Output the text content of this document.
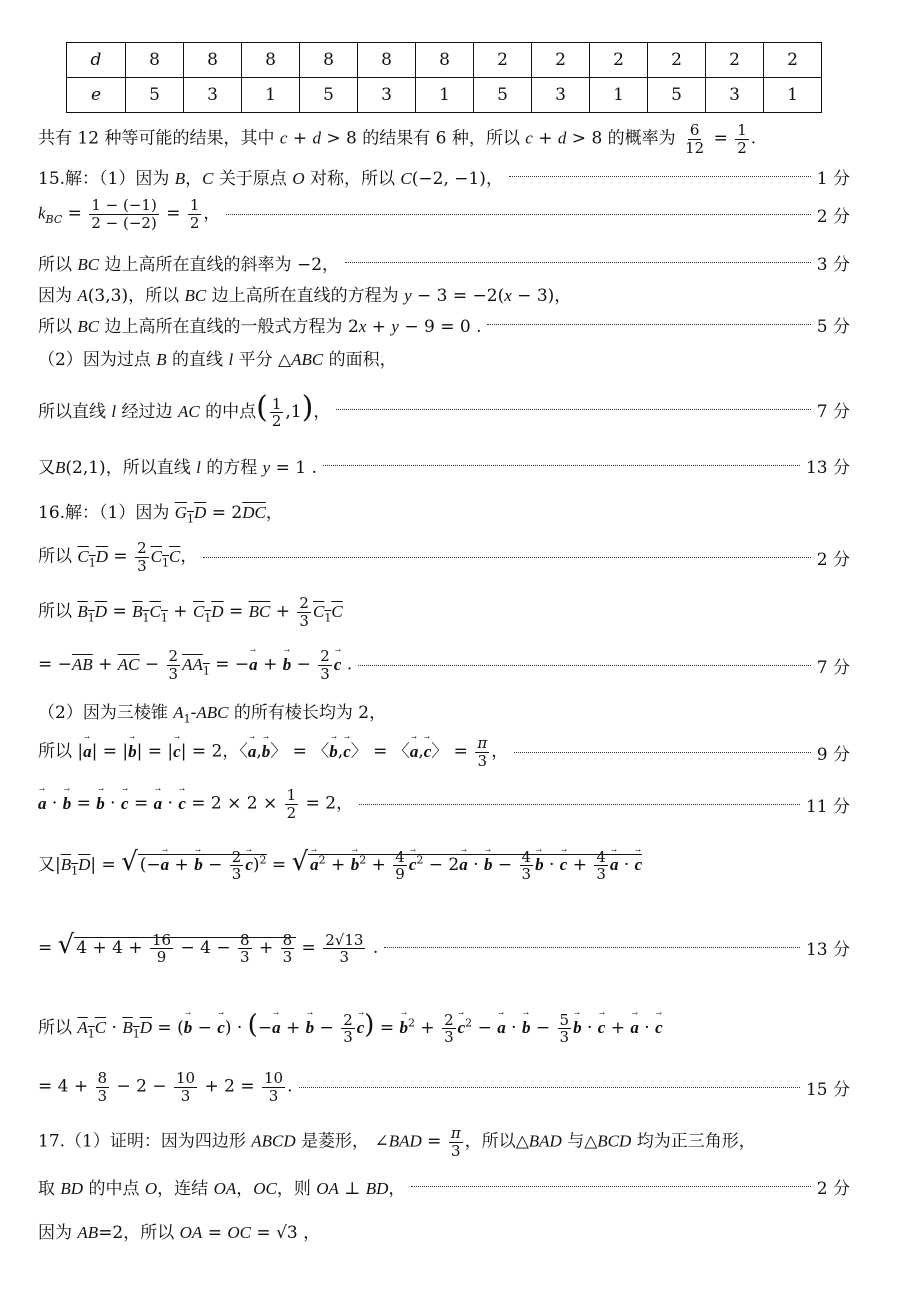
d	8	8	8	8	8	8	2	2	2	2	2	2
e	5	3	1	5	3	1	5	3	1	5	3	1
共有 12 种等可能的结果，其中 c + d > 8 的结果有 6 种，所以 c + d > 8 的概率为 $\frac{6}{12} = \frac{1}{2}$ .
15.解：（1）因为 B，C 关于原点 O 对称，所以 C(−2, −1)，	1 分
$k_{BC} = \frac{1 - (-1)}{2 - (-2)} = \frac{1}{2}$ ，	2 分
所以 BC 边上高所在直线的斜率为 −2，	3 分
因为 A(3,3)，所以 BC 边上高所在直线的方程为 y − 3 = −2(x − 3)，
所以 BC 边上高所在直线的一般式方程为 2x + y − 9 = 0 .	5 分
（2）因为过点 B 的直线 l 平分 △ABC 的面积，
所以直线 l 经过边 AC 的中点( $\frac{1}{2} ,1$)，	7 分
又B(2,1)，所以直线 l 的方程 y = 1 .	13 分
16.解：（1）因为 $G_1D = 2\overline{DC}$，
所以 $C_1D = \frac{2}{3} C_1C$，	2 分
所以 $B_1D = B_1C_1 + C_1D = \overline{BC} + \frac{2}{3} C_1C$
= $-\overline{AB} + \overline{AC} - \frac{2}{3} AA_1$ = −→ a + → $b - \frac{2}{3} \to c$ .	7 分
（2）因为三棱锥 $A_1$-ABC 的所有棱长均为 2，
所以 |→ a| = |→ b| = |→ c| = 2，〈→ a,→ b〉 = 〈→ b,→ c〉 = 〈→ a,→ c〉 = $\frac{\pi}{3}$ ，	9 分
→ a · → b = → b · → c = → a · → $c = 2 \times 2 \times \frac{1}{2} = 2$，	11 分
又$|B_1D|$ = √ (−→ a + → $b - \frac{2}{3} \to c)^2$ = √ → $a^2$ + → $b^2 + \frac{4}{9} \to c^2 - 2\to a$ · → $b - \frac{4}{3} \to b$ · → $c + \frac{4}{3} \to a$ · → c
= √ $4 + 4 + \frac{16}{9} - 4 - \frac{8}{3} + \frac{8}{3} = \frac{2√13}{3}$ .	13 分
所以 $A_1C \cdot B_1D$ = (→ b − → c) · (−→ a + → $b - \frac{2}{3} \to c$) = → $b^2 + \frac{2}{3} \to c^2$ − → a · → $b - \frac{5}{3} \to b$ · → c + → a · → c
= $4 + \frac{8}{3} - 2 - \frac{10}{3} + 2 = \frac{10}{3}$ .	15 分
17.（1）证明：因为四边形 ABCD 是菱形， ∠BAD = $\frac{\pi}{3}$ ，所以△BAD 与△BCD 均为正三角形，
取 BD 的中点 O，连结 OA，OC，则 OA ⊥ BD，	2 分
因为 AB=2，所以 OA = OC = √3 ，
